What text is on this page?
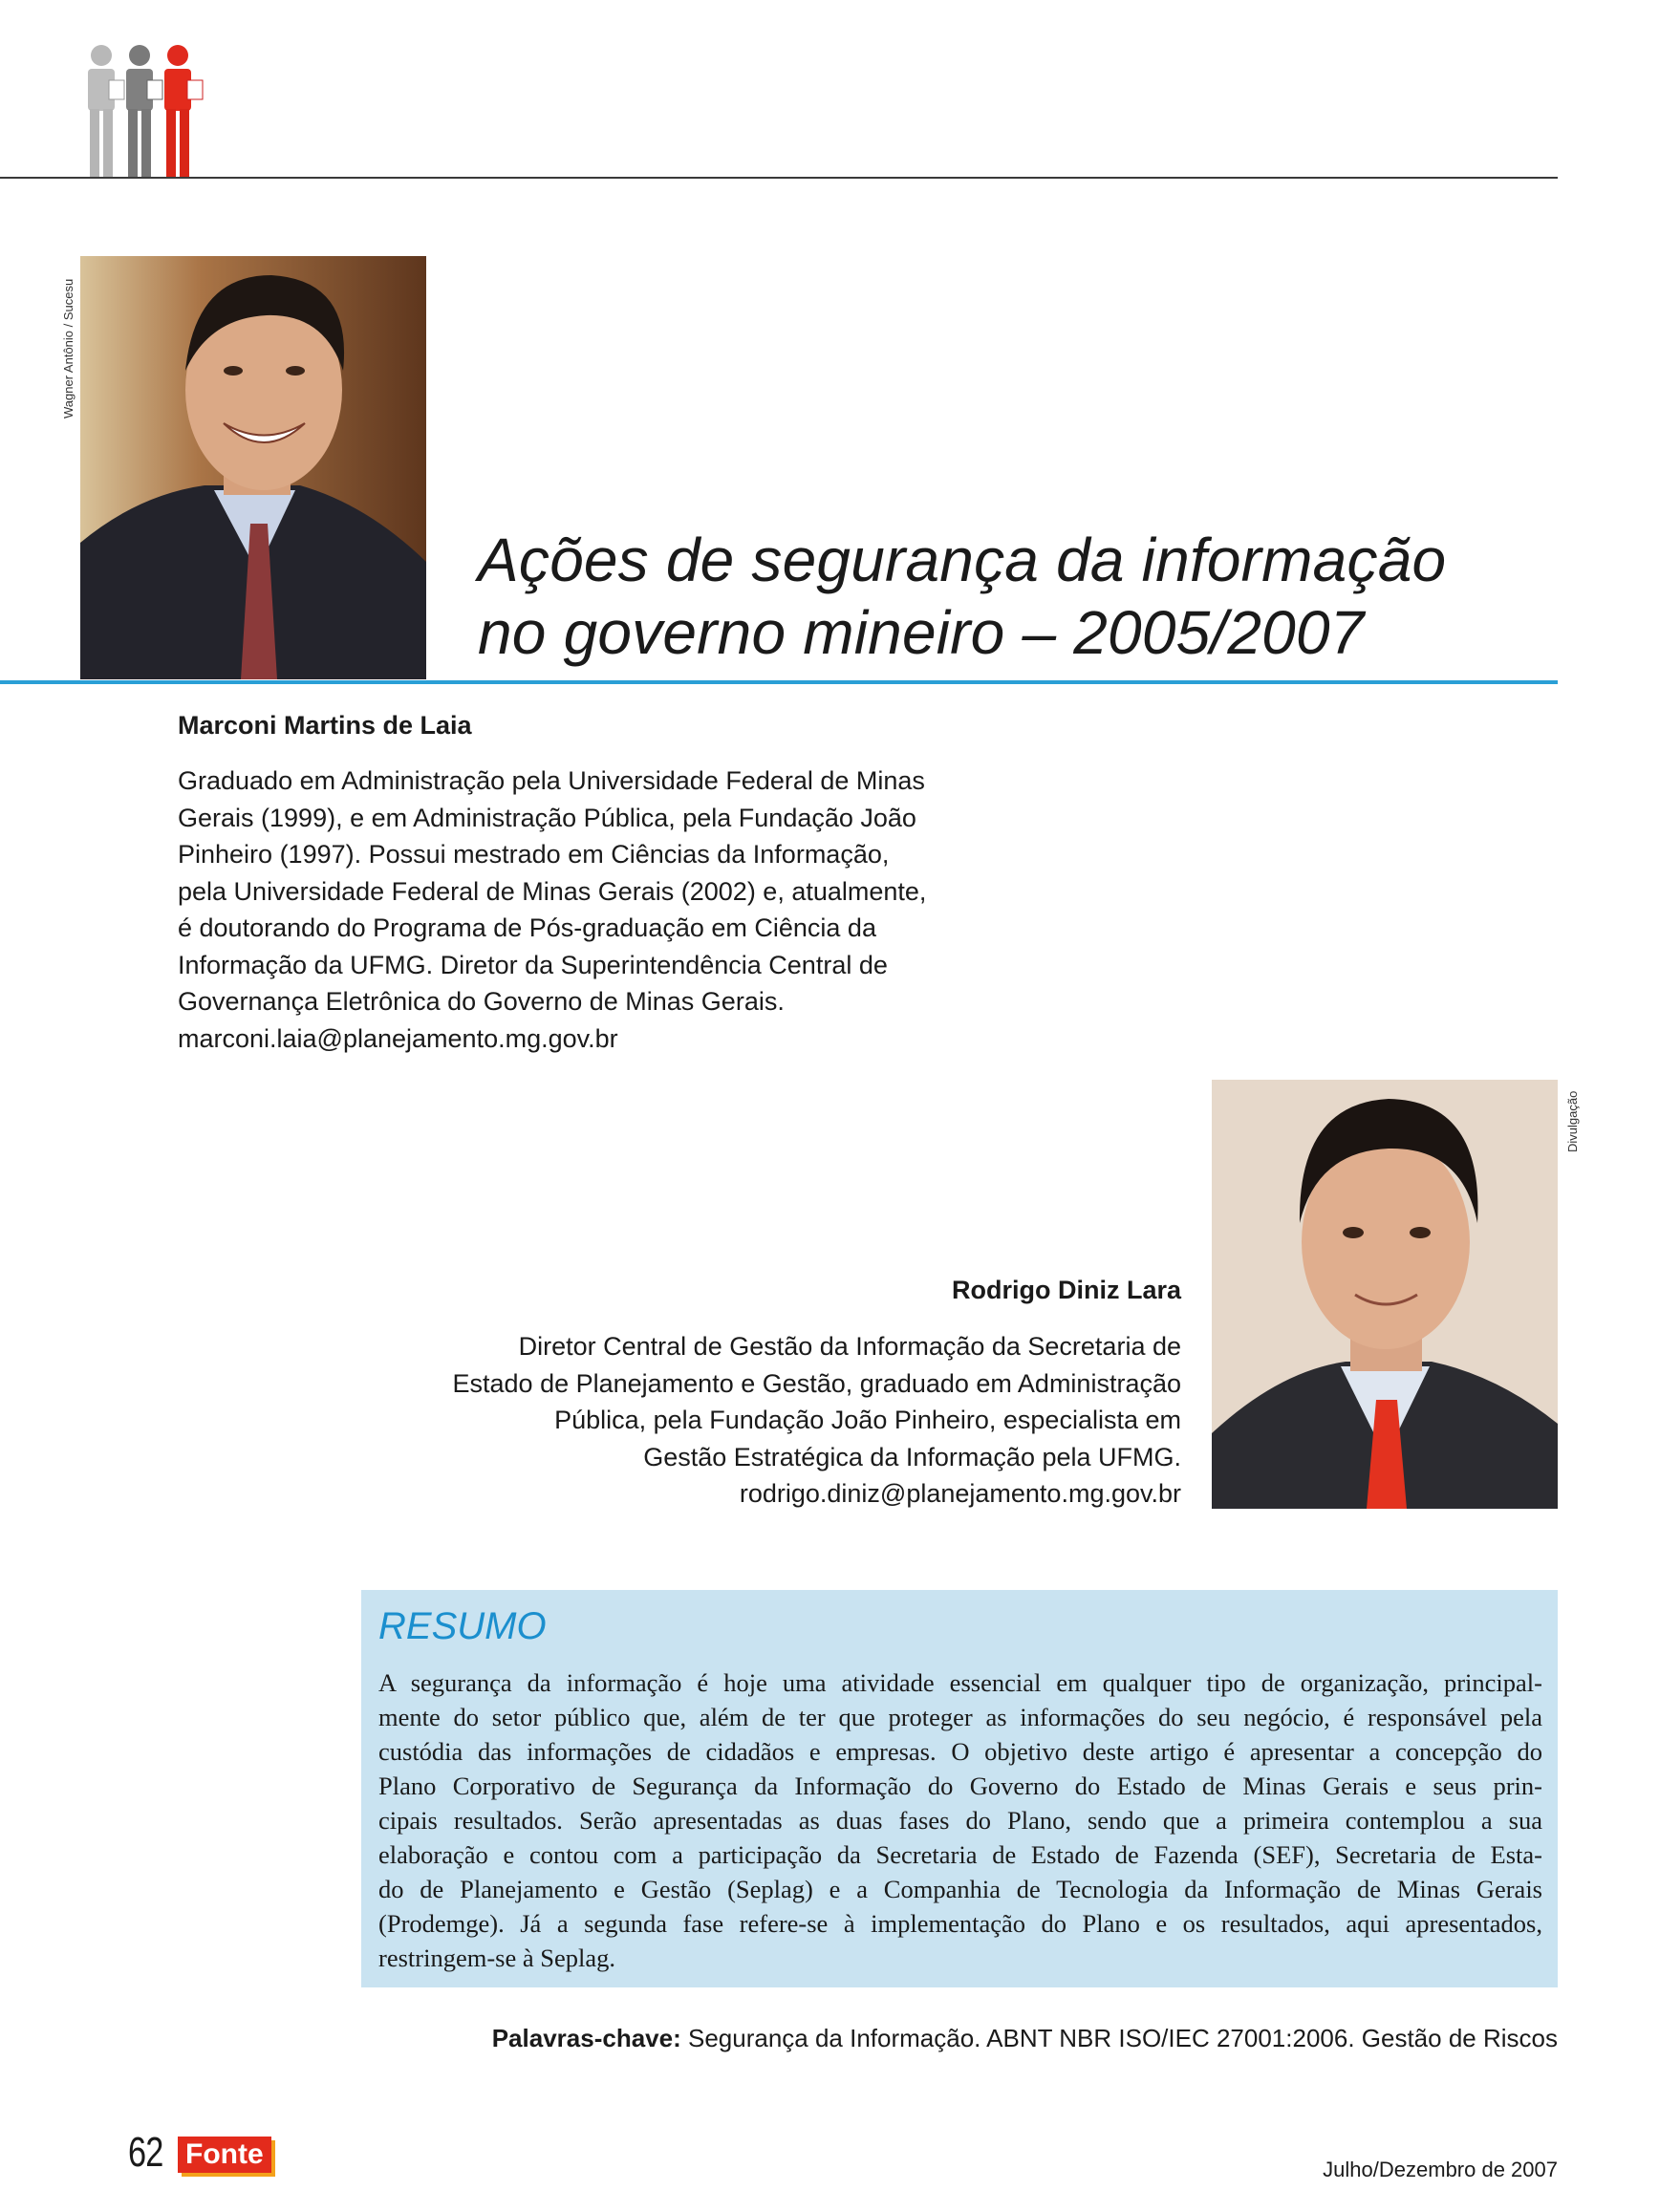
Wagner Antônio / Sucesu
Ações de segurança da informação
no governo mineiro – 2005/2007
Marconi Martins de Laia
Graduado em Administração pela Universidade Federal de Minas
Gerais (1999), e em Administração Pública, pela Fundação João
Pinheiro (1997). Possui mestrado em Ciências da Informação,
pela Universidade Federal de Minas Gerais (2002) e, atualmente,
é doutorando do Programa de Pós-graduação em Ciência da
Informação da UFMG. Diretor da Superintendência Central de
Governança Eletrônica do Governo de Minas Gerais.
marconi.laia@planejamento.mg.gov.br
Divulgação
Rodrigo Diniz Lara
Diretor Central de Gestão da Informação da Secretaria de
Estado de Planejamento e Gestão, graduado em Administração
Pública, pela Fundação João Pinheiro, especialista em
Gestão Estratégica da Informação pela UFMG.
rodrigo.diniz@planejamento.mg.gov.br
RESUMO
A segurança da informação é hoje uma atividade essencial em qualquer tipo de organização, principal-
mente do setor público que, além de ter que proteger as informações do seu negócio, é responsável pela
custódia das informações de cidadãos e empresas. O objetivo deste artigo é apresentar a concepção do
Plano Corporativo de Segurança da Informação do Governo do Estado de Minas Gerais e seus prin-
cipais resultados. Serão apresentadas as duas fases do Plano, sendo que a primeira contemplou a sua
elaboração e contou com a participação da Secretaria de Estado de Fazenda (SEF), Secretaria de Esta-
do de Planejamento e Gestão (Seplag) e a Companhia de Tecnologia da Informação de Minas Gerais
(Prodemge). Já a segunda fase refere-se à implementação do Plano e os resultados, aqui apresentados,
restringem-se à Seplag.
Palavras-chave: Segurança da Informação. ABNT NBR ISO/IEC 27001:2006. Gestão de Riscos
62 Fonte	Julho/Dezembro de 2007
